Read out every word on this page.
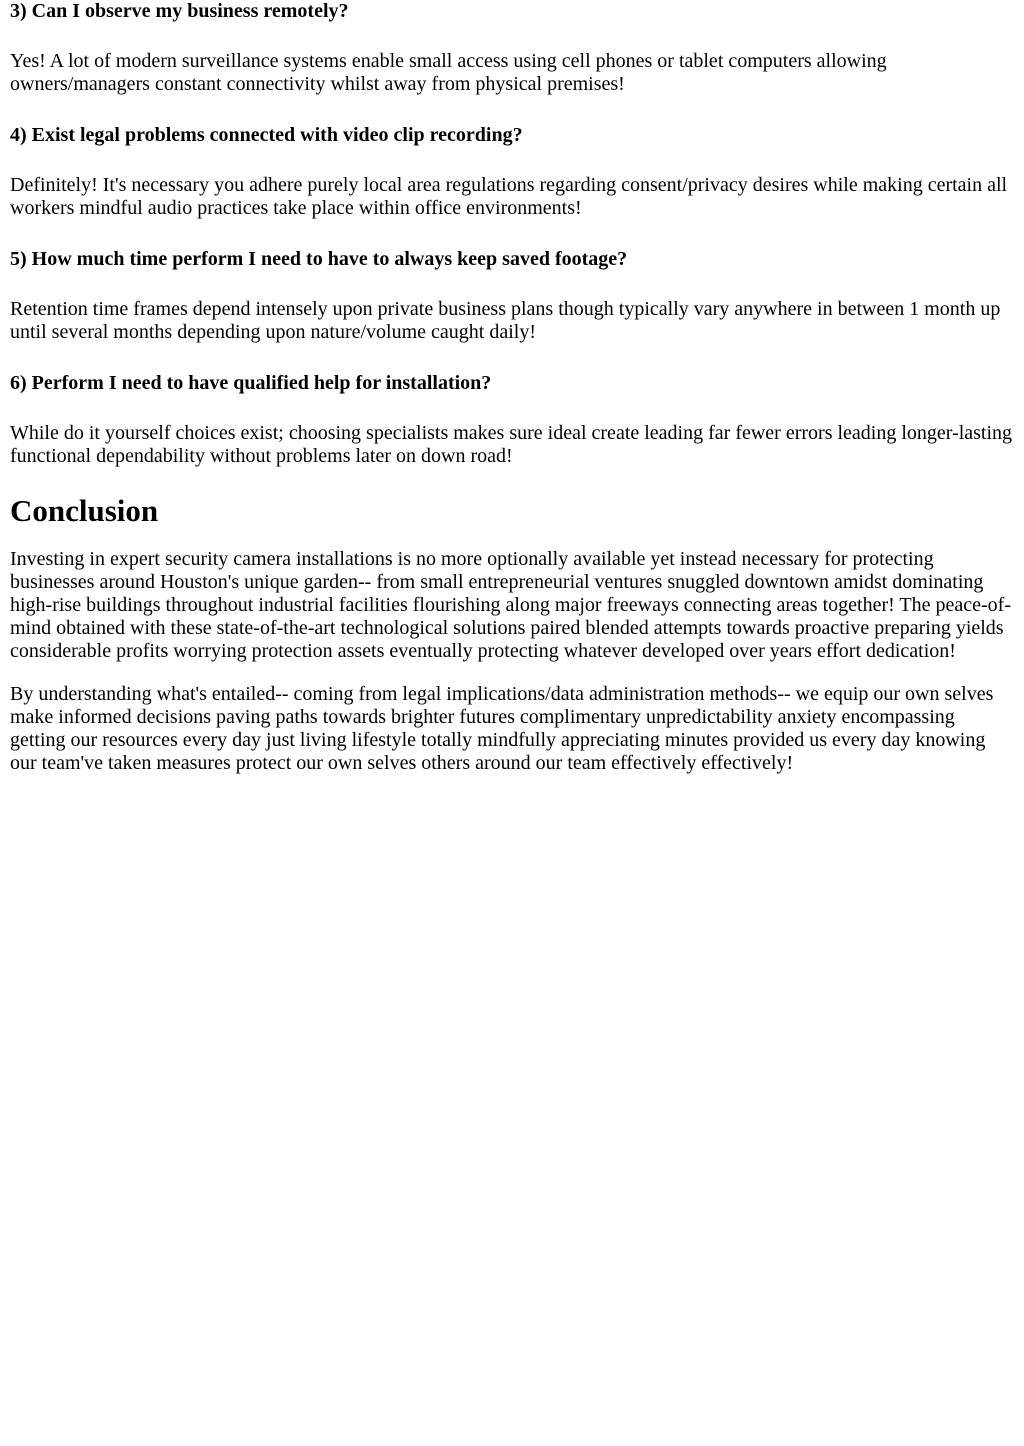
3) Can I observe my business remotely?

Yes! A lot of modern surveillance systems enable small access using cell phones or tablet computers allowing owners/managers constant connectivity whilst away from physical premises!

4) Exist legal problems connected with video clip recording?

Definitely! It's necessary you adhere purely local area regulations regarding consent/privacy desires while making certain all workers mindful audio practices take place within office environments!

5) How much time perform I need to have to always keep saved footage?

Retention time frames depend intensely upon private business plans though typically vary anywhere in between 1 month up until several months depending upon nature/volume caught daily!

6) Perform I need to have qualified help for installation?

While do it yourself choices exist; choosing specialists makes sure ideal create leading far fewer errors leading longer-lasting functional dependability without problems later on down road!

Conclusion

Investing in expert security camera installations is no more optionally available yet instead necessary for protecting businesses around Houston's unique garden-- from small entrepreneurial ventures snuggled downtown amidst dominating high-rise buildings throughout industrial facilities flourishing along major freeways connecting areas together! The peace-of-mind obtained with these state-of-the-art technological solutions paired blended attempts towards proactive preparing yields considerable profits worrying protection assets eventually protecting whatever developed over years effort dedication!

By understanding what's entailed-- coming from legal implications/data administration methods-- we equip our own selves make informed decisions paving paths towards brighter futures complimentary unpredictability anxiety encompassing getting our resources every day just living lifestyle totally mindfully appreciating minutes provided us every day knowing our team've taken measures protect our own selves others around our team effectively effectively!
